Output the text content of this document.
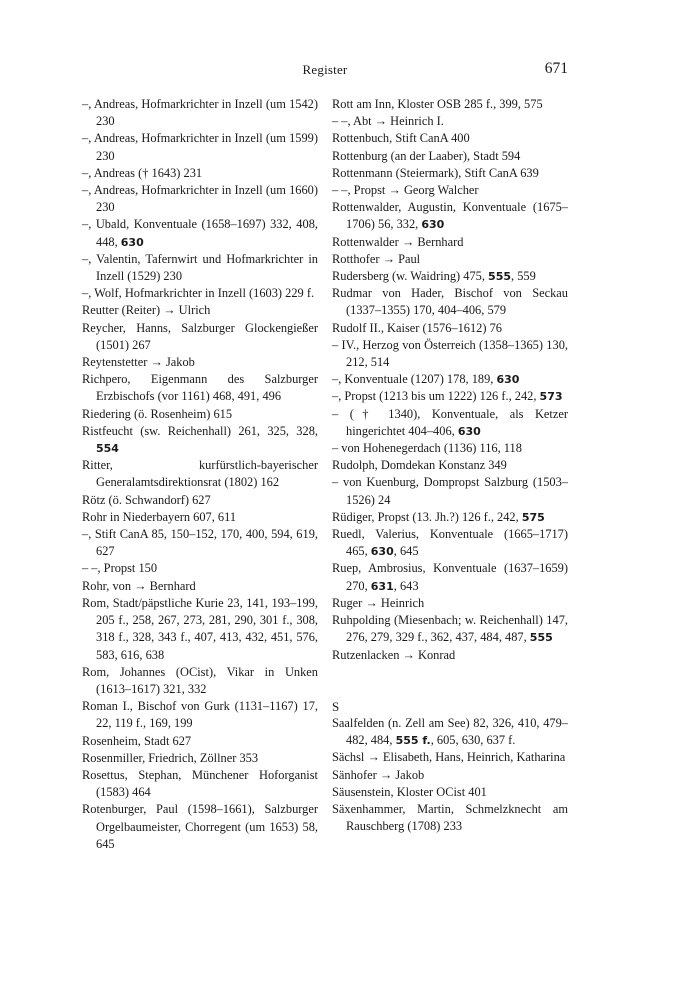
Register	671
–, Andreas, Hofmarkrichter in Inzell (um 1542) 230
–, Andreas, Hofmarkrichter in Inzell (um 1599) 230
–, Andreas († 1643) 231
–, Andreas, Hofmarkrichter in Inzell (um 1660) 230
–, Ubald, Konventuale (1658–1697) 332, 408, 448, 630
–, Valentin, Tafernwirt und Hofmarkrichter in Inzell (1529) 230
–, Wolf, Hofmarkrichter in Inzell (1603) 229 f.
Reutter (Reiter) → Ulrich
Reycher, Hanns, Salzburger Glockengießer (1501) 267
Reytenstetter → Jakob
Richpero, Eigenmann des Salzburger Erzbischofs (vor 1161) 468, 491, 496
Riedering (ö. Rosenheim) 615
Ristfeucht (sw. Reichenhall) 261, 325, 328, 554
Ritter, kurfürstlich-bayerischer Generalamtsdirektionsrat (1802) 162
Rötz (ö. Schwandorf) 627
Rohr in Niederbayern 607, 611
–, Stift CanA 85, 150–152, 170, 400, 594, 619, 627
– –, Propst 150
Rohr, von → Bernhard
Rom, Stadt/päpstliche Kurie 23, 141, 193–199, 205 f., 258, 267, 273, 281, 290, 301 f., 308, 318 f., 328, 343 f., 407, 413, 432, 451, 576, 583, 616, 638
Rom, Johannes (OCist), Vikar in Unken (1613–1617) 321, 332
Roman I., Bischof von Gurk (1131–1167) 17, 22, 119 f., 169, 199
Rosenheim, Stadt 627
Rosenmiller, Friedrich, Zöllner 353
Rosettus, Stephan, Münchener Hoforganist (1583) 464
Rotenburger, Paul (1598–1661), Salzburger Orgelbaumeister, Chorregent (um 1653) 58, 645
Rott am Inn, Kloster OSB 285 f., 399, 575
– –, Abt → Heinrich I.
Rottenbuch, Stift CanA 400
Rottenburg (an der Laaber), Stadt 594
Rottenmann (Steiermark), Stift CanA 639
– –, Propst → Georg Walcher
Rottenwalder, Augustin, Konventuale (1675–1706) 56, 332, 630
Rottenwalder → Bernhard
Rotthofer → Paul
Rudersberg (w. Waidring) 475, 555, 559
Rudmar von Hader, Bischof von Seckau (1337–1355) 170, 404–406, 579
Rudolf II., Kaiser (1576–1612) 76
– IV., Herzog von Österreich (1358–1365) 130, 212, 514
–, Konventuale (1207) 178, 189, 630
–, Propst (1213 bis um 1222) 126 f., 242, 573
– († 1340), Konventuale, als Ketzer hingerichtet 404–406, 630
– von Hohenegerdach (1136) 116, 118
Rudolph, Domdekan Konstanz 349
– von Kuenburg, Dompropst Salzburg (1503–1526) 24
Rüdiger, Propst (13. Jh.?) 126 f., 242, 575
Ruedl, Valerius, Konventuale (1665–1717) 465, 630, 645
Ruep, Ambrosius, Konventuale (1637–1659) 270, 631, 643
Ruger → Heinrich
Ruhpolding (Miesenbach; w. Reichenhall) 147, 276, 279, 329 f., 362, 437, 484, 487, 555
Rutzenlacken → Konrad
S
Saalfelden (n. Zell am See) 82, 326, 410, 479–482, 484, 555 f., 605, 630, 637 f.
Sächsl → Elisabeth, Hans, Heinrich, Katharina
Sänhofer → Jakob
Säusenstein, Kloster OCist 401
Säxenhammer, Martin, Schmelzknecht am Rauschberg (1708) 233
